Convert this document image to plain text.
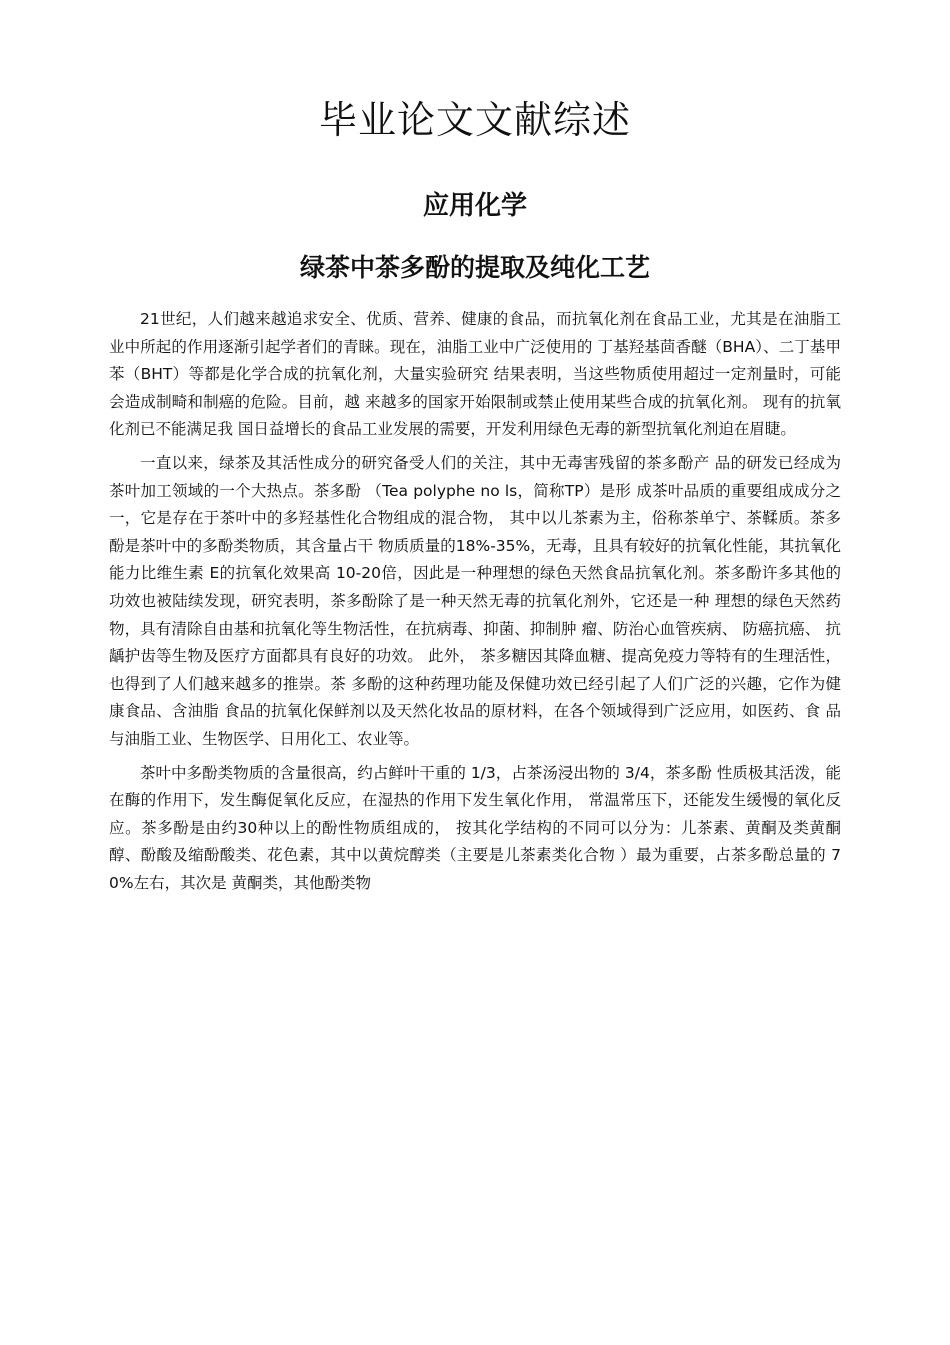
毕业论文文献综述
应用化学
绿茶中茶多酚的提取及纯化工艺

21世纪，人们越来越追求安全、优质、营养、健康的食品，而抗氧化剂在食品工业，尤其是在油脂工业中所起的作用逐渐引起学者们的青睐。现在，油脂工业中广泛使用的 丁基羟基茴香醚（BHA）、二丁基甲苯（BHT）等都是化学合成的抗氧化剂，大量实验研究 结果表明，当这些物质使用超过一定剂量时，可能会造成制畸和制癌的危险。目前，越 来越多的国家开始限制或禁止使用某些合成的抗氧化剂。 现有的抗氧化剂已不能满足我 国日益增长的食品工业发展的需要，开发利用绿色无毒的新型抗氧化剂迫在眉睫。

一直以来，绿茶及其活性成分的研究备受人们的关注，其中无毒害残留的茶多酚产 品的研发已经成为茶叶加工领域的一个大热点。茶多酚 （Tea polyphe no ls，简称TP）是形 成茶叶品质的重要组成成分之一，它是存在于茶叶中的多羟基性化合物组成的混合物， 其中以儿茶素为主，俗称茶单宁、茶鞣质。茶多酚是茶叶中的多酚类物质，其含量占干 物质质量的18%-35%，无毒，且具有较好的抗氧化性能，其抗氧化能力比维生素 E的抗氧化效果高 10-20倍，因此是一种理想的绿色天然食品抗氧化剂。茶多酚许多其他的 功效也被陆续发现，研究表明，茶多酚除了是一种天然无毒的抗氧化剂外，它还是一种 理想的绿色天然药物，具有清除自由基和抗氧化等生物活性，在抗病毒、抑菌、抑制肿 瘤、防治心血管疾病、 防癌抗癌、 抗龋护齿等生物及医疗方面都具有良好的功效。 此外， 茶多糖因其降血糖、提高免疫力等特有的生理活性，也得到了人们越来越多的推崇。茶 多酚的这种药理功能及保健功效已经引起了人们广泛的兴趣，它作为健康食品、含油脂 食品的抗氧化保鲜剂以及天然化妆品的原材料，在各个领域得到广泛应用，如医药、食 品与油脂工业、生物医学、日用化工、农业等。

茶叶中多酚类物质的含量很高，约占鲜叶干重的 1/3，占茶汤浸出物的 3/4，茶多酚 性质极其活泼，能在酶的作用下，发生酶促氧化反应，在湿热的作用下发生氧化作用， 常温常压下，还能发生缓慢的氧化反应。茶多酚是由约30种以上的酚性物质组成的， 按其化学结构的不同可以分为：儿茶素、黄酮及类黄酮醇、酚酸及缩酚酸类、花色素，其中以黄烷醇类（主要是儿茶素类化合物 ）最为重要，占茶多酚总量的 70%左右，其次是 黄酮类，其他酚类物
